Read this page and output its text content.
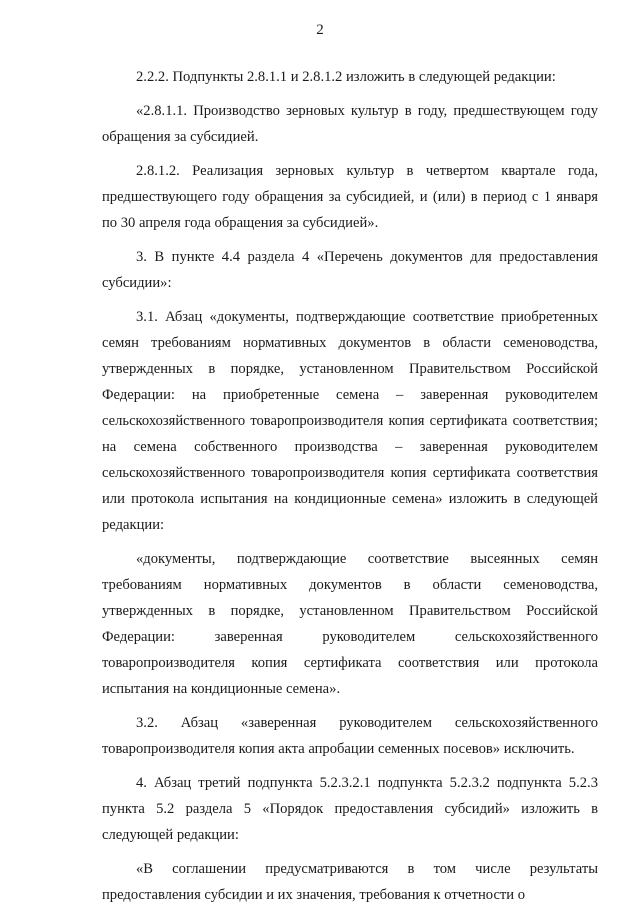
2

2.2.2. Подпункты 2.8.1.1 и 2.8.1.2 изложить в следующей редакции:

«2.8.1.1. Производство зерновых культур в году, предшествующем году обращения за субсидией.

2.8.1.2. Реализация зерновых культур в четвертом квартале года, предшествующего году обращения за субсидией, и (или) в период с 1 января по 30 апреля года обращения за субсидией».

3. В пункте 4.4 раздела 4 «Перечень документов для предоставления субсидии»:

3.1. Абзац «документы, подтверждающие соответствие приобретенных семян требованиям нормативных документов в области семеноводства, утвержденных в порядке, установленном Правительством Российской Федерации: на приобретенные семена – заверенная руководителем сельскохозяйственного товаропроизводителя копия сертификата соответствия; на семена собственного производства – заверенная руководителем сельскохозяйственного товаропроизводителя копия сертификата соответствия или протокола испытания на кондиционные семена» изложить в следующей редакции:

«документы, подтверждающие соответствие высеянных семян требованиям нормативных документов в области семеноводства, утвержденных в порядке, установленном Правительством Российской Федерации: заверенная руководителем сельскохозяйственного товаропроизводителя копия сертификата соответствия или протокола испытания на кондиционные семена».

3.2. Абзац «заверенная руководителем сельскохозяйственного товаропроизводителя копия акта апробации семенных посевов» исключить.

4. Абзац третий подпункта 5.2.3.2.1 подпункта 5.2.3.2 подпункта 5.2.3 пункта 5.2 раздела 5 «Порядок предоставления субсидий» изложить в следующей редакции:

«В соглашении предусматриваются в том числе результаты предоставления субсидии и их значения, требования к отчетности о
